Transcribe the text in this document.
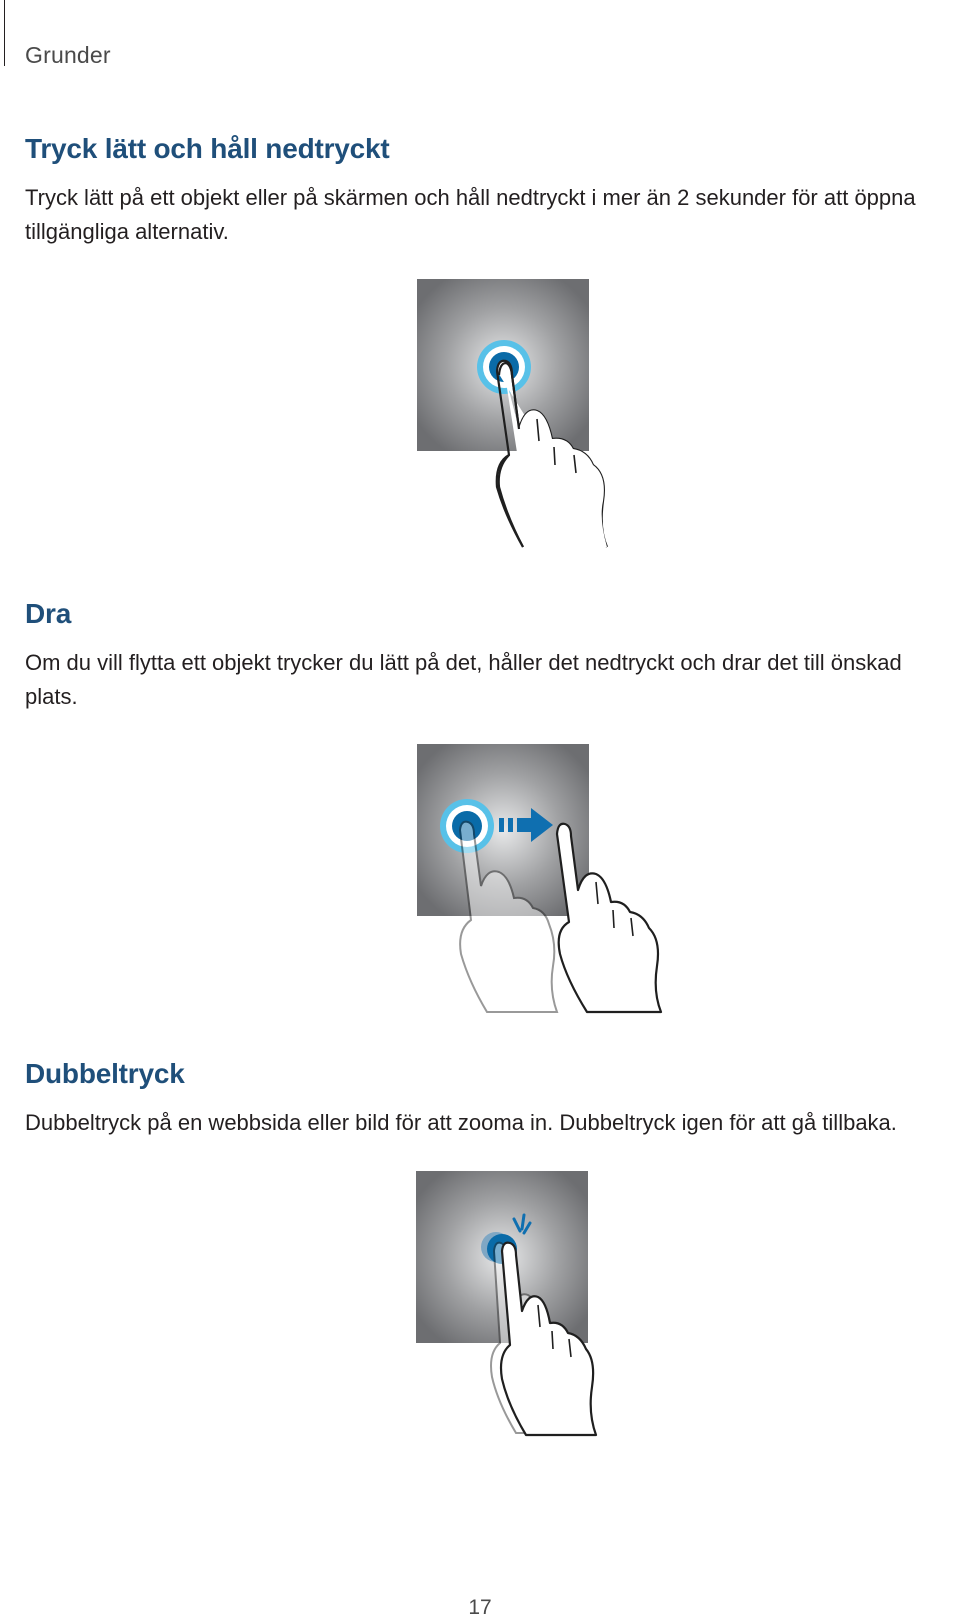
Grunder
Tryck lätt och håll nedtryckt

Tryck lätt på ett objekt eller på skärmen och håll nedtryckt i mer än 2 sekunder för att öppna tillgängliga alternativ.

Dra

Om du vill flytta ett objekt trycker du lätt på det, håller det nedtryckt och drar det till önskad plats.

Dubbeltryck

Dubbeltryck på en webbsida eller bild för att zooma in. Dubbeltryck igen för att gå tillbaka.

17
